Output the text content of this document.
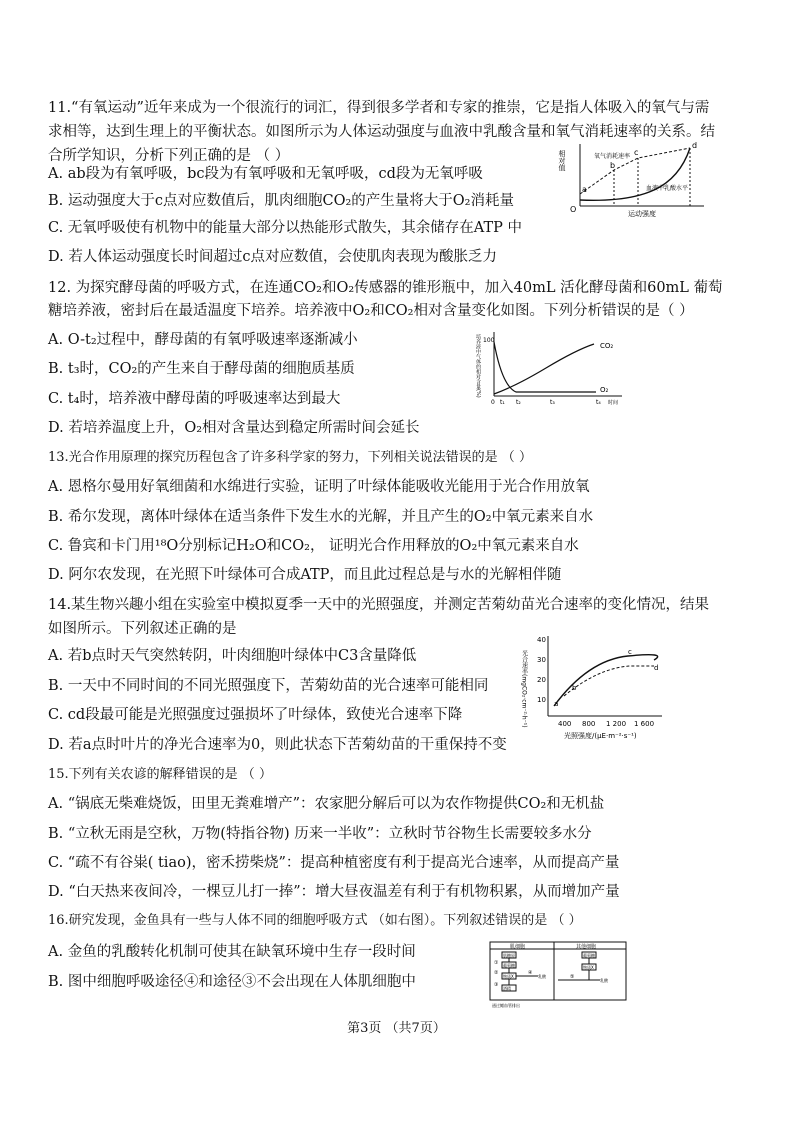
11.“有氧运动”近年来成为一个很流行的词汇，得到很多学者和专家的推崇，它是指人体吸入的氧气与需
求相等，达到生理上的平衡状态。如图所示为人体运动强度与血液中乳酸含量和氧气消耗速率的关系。结
合所学知识，分析下列正确的是 （ ）
A. ab段为有氧呼吸，bc段为有氧呼吸和无氧呼吸，cd段为无氧呼吸
B. 运动强度大于c点对应数值后，肌肉细胞CO₂的产生量将大于O₂消耗量
C. 无氧呼吸使有机物中的能量大部分以热能形式散失，其余储存在ATP 中
D. 若人体运动强度长时间超过c点对应数值，会使肌肉表现为酸胀乏力
相对值
O
a
b
c
d
氧气消耗速率
血液中乳酸水平
运动强度
12. 为探究酵母菌的呼吸方式，在连通CO₂和O₂传感器的锥形瓶中，加入40mL 活化酵母菌和60mL 葡萄
糖培养液，密封后在最适温度下培养。培养液中O₂和CO₂相对含量变化如图。下列分析错误的是（ ）
A. O-t₂过程中，酵母菌的有氧呼吸速率逐渐减小
B. t₃时，CO₂的产生来自于酵母菌的细胞质基质
C. t₄时，培养液中酵母菌的呼吸速率达到最大
D. 若培养温度上升，O₂相对含量达到稳定所需时间会延长
培养液中气体的相对含量(%) 100
CO₂
O₂
0 t₁ t₂	t₃	t₄ 时间
13.光合作用原理的探究历程包含了许多科学家的努力，下列相关说法错误的是 （ ）
A. 恩格尔曼用好氧细菌和水绵进行实验，证明了叶绿体能吸收光能用于光合作用放氧
B. 希尔发现，离体叶绿体在适当条件下发生水的光解，并且产生的O₂中氧元素来自水
C. 鲁宾和卡门用¹⁸O分别标记H₂O和CO₂， 证明光合作用释放的O₂中氧元素来自水
D. 阿尔农发现，在光照下叶绿体可合成ATP，而且此过程总是与水的光解相伴随
14.某生物兴趣小组在实验室中模拟夏季一天中的光照强度，并测定苦菊幼苗光合速率的变化情况，结果
如图所示。下列叙述正确的是
A. 若b点时天气突然转阴，叶肉细胞叶绿体中C3含量降低
B. 一天中不同时间的不同光照强度下，苦菊幼苗的光合速率可能相同
C. cd段最可能是光照强度过强损坏了叶绿体，致使光合速率下降
D. 若a点时叶片的净光合速率为0，则此状态下苦菊幼苗的干重保持不变
光合速率(mgCO₂·cm⁻²·h⁻¹)
40
30
20
10 a
b
c
d
400 800 1 200 1 600
光照强度/(μE·m⁻²·s⁻¹)
15.下列有关农谚的解释错误的是 （ ）
A. “锅底无柴难烧饭，田里无粪难增产”：农家肥分解后可以为农作物提供CO₂和无机盐
B. “立秋无雨是空秋，万物(特指谷物) 历来一半收”：立秋时节谷物生长需要较多水分
C. “疏不有谷粜( tiao)，密禾捞柴烧”：提高种植密度有利于提高光合速率，从而提高产量
D. “白天热来夜间冷，一棵豆儿打一捧”：增大昼夜温差有利于有机物积累，从而增加产量
16.研究发现，金鱼具有一些与人体不同的细胞呼吸方式 （如右图）。下列叙述错误的是 （ ）
A. 金鱼的乳酸转化机制可使其在缺氧环境中生存一段时间
B. 图中细胞呼吸途径④和途径③不会出现在人体肌细胞中
肌细胞	其他细胞
肌糖原
① 葡萄糖
②
物质X
③
酒精
④
乳酸
葡萄糖
物质X
⑤
乳酸
通过鳃血管排出
第3页 （共7页）
